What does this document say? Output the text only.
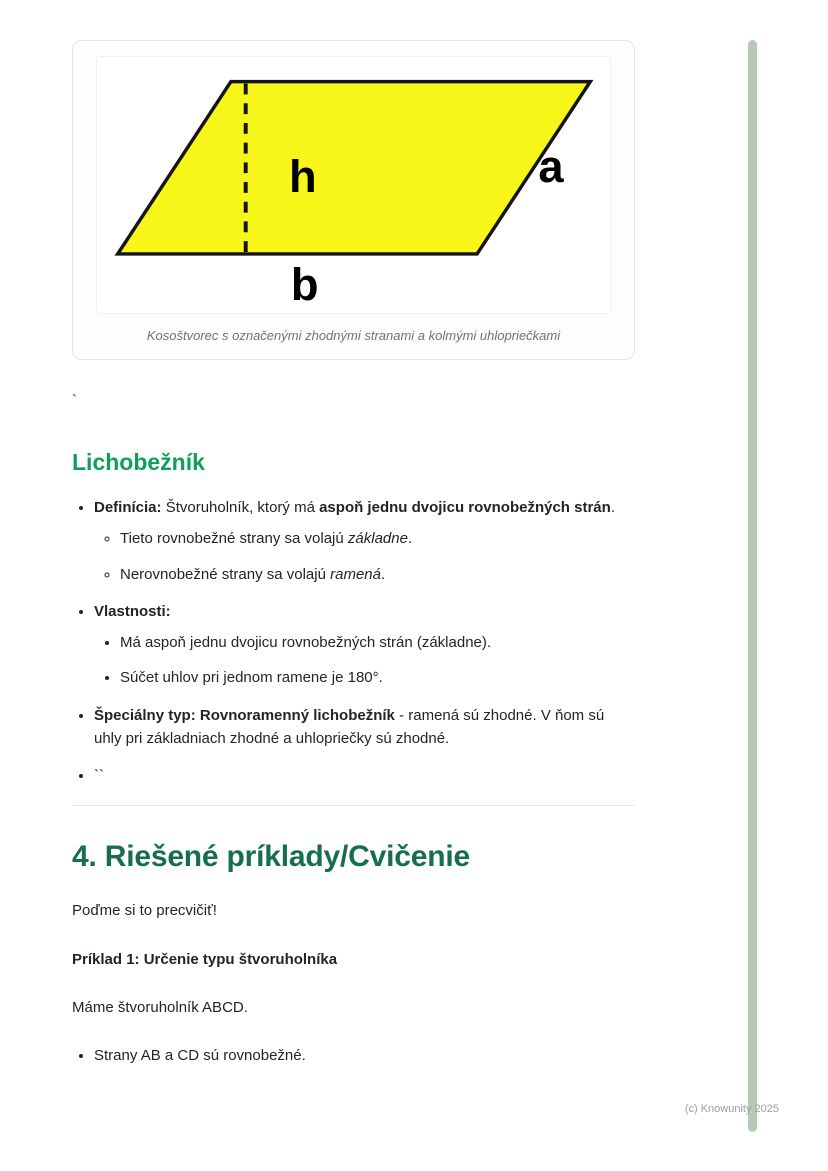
h	a
b
Kosoštvorec s označenými zhodnými stranami a kolmými uhlopriečkami

`

Lichobežník
• Definícia: Štvoruholník, ktorý má aspoň jednu dvojicu rovnobežných strán.
◦ Tieto rovnobežné strany sa volajú základne.
◦ Nerovnobežné strany sa volajú ramená.
• Vlastnosti:
• Má aspoň jednu dvojicu rovnobežných strán (základne).
• Súčet uhlov pri jednom ramene je 180°.
• Špeciálny typ: Rovnoramenný lichobežník - ramená sú zhodné. V ňom sú uhly pri základniach zhodné a uhlopriečky sú zhodné.
• ``
4. Riešené príklady/Cvičenie

Poďme si to precvičiť!

Príklad 1: Určenie typu štvoruholníka

Máme štvoruholník ABCD.

• Strany AB a CD sú rovnobežné.
(c) Knowunity 2025
